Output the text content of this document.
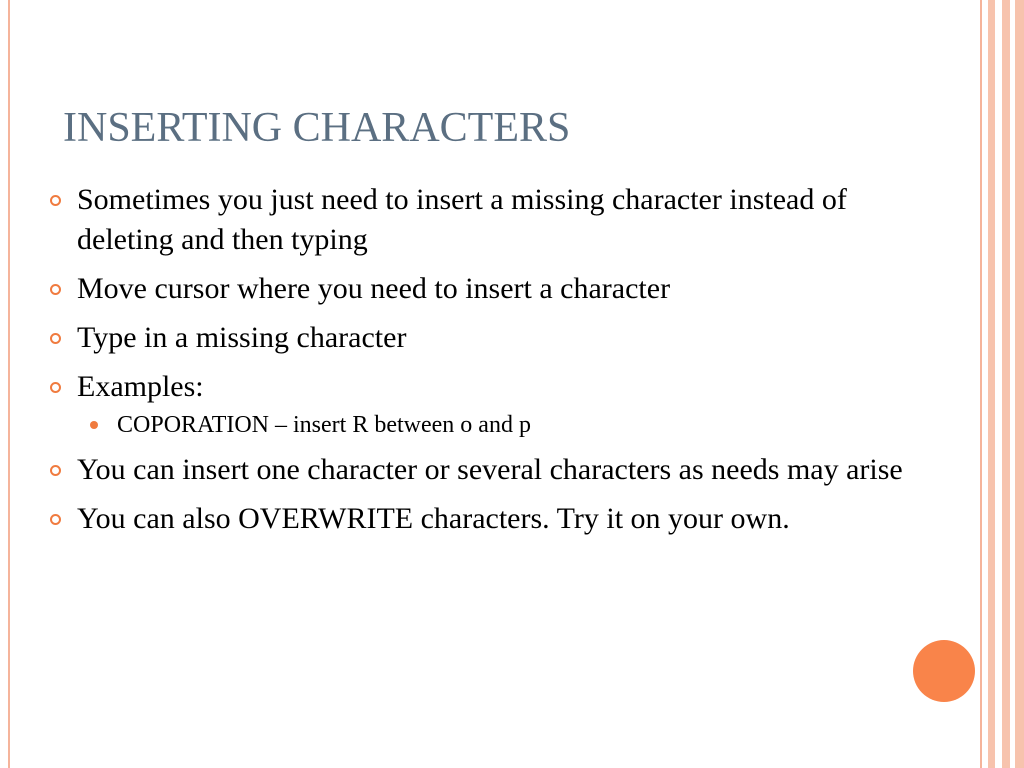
INSERTING CHARACTERS
Sometimes you just need to insert a missing character instead of deleting and then typing
Move cursor where you need to insert a character
Type in a missing character
Examples:
COPORATION – insert R between o and p
You can insert one character or several characters as needs may arise
You can also OVERWRITE characters. Try it on your own.
